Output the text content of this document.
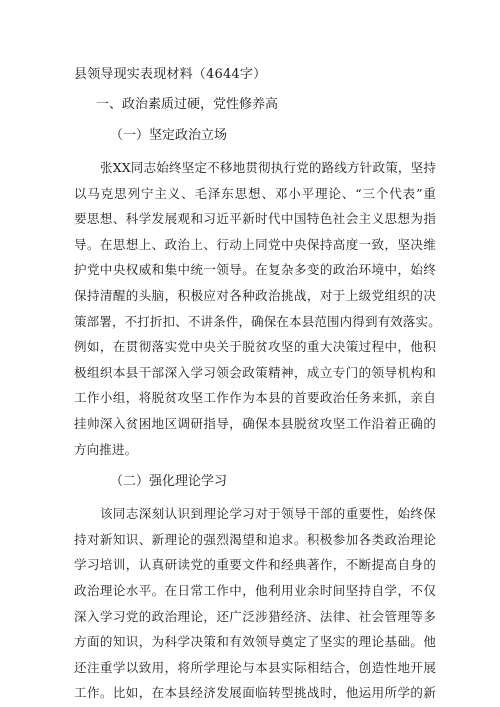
县领导现实表现材料（4644字）
一、政治素质过硬，党性修养高
（一）坚定政治立场
张XX同志始终坚定不移地贯彻执行党的路线方针政策，坚持
以马克思列宁主义、毛泽东思想、邓小平理论、“三个代表”重
要思想、科学发展观和习近平新时代中国特色社会主义思想为指
导。在思想上、政治上、行动上同党中央保持高度一致，坚决维
护党中央权威和集中统一领导。在复杂多变的政治环境中，始终
保持清醒的头脑，积极应对各种政治挑战，对于上级党组织的决
策部署，不打折扣、不讲条件，确保在本县范围内得到有效落实。
例如，在贯彻落实党中央关于脱贫攻坚的重大决策过程中，他积
极组织本县干部深入学习领会政策精神，成立专门的领导机构和
工作小组，将脱贫攻坚工作作为本县的首要政治任务来抓，亲自
挂帅深入贫困地区调研指导，确保本县脱贫攻坚工作沿着正确的
方向推进。
（二）强化理论学习
该同志深刻认识到理论学习对于领导干部的重要性，始终保
持对新知识、新理论的强烈渴望和追求。积极参加各类政治理论
学习培训，认真研读党的重要文件和经典著作，不断提高自身的
政治理论水平。在日常工作中，他利用业余时间坚持自学，不仅
深入学习党的政治理论，还广泛涉猎经济、法律、社会管理等多
方面的知识，为科学决策和有效领导奠定了坚实的理论基础。他
还注重学以致用，将所学理论与本县实际相结合，创造性地开展
工作。比如，在本县经济发展面临转型挑战时，他运用所学的新
